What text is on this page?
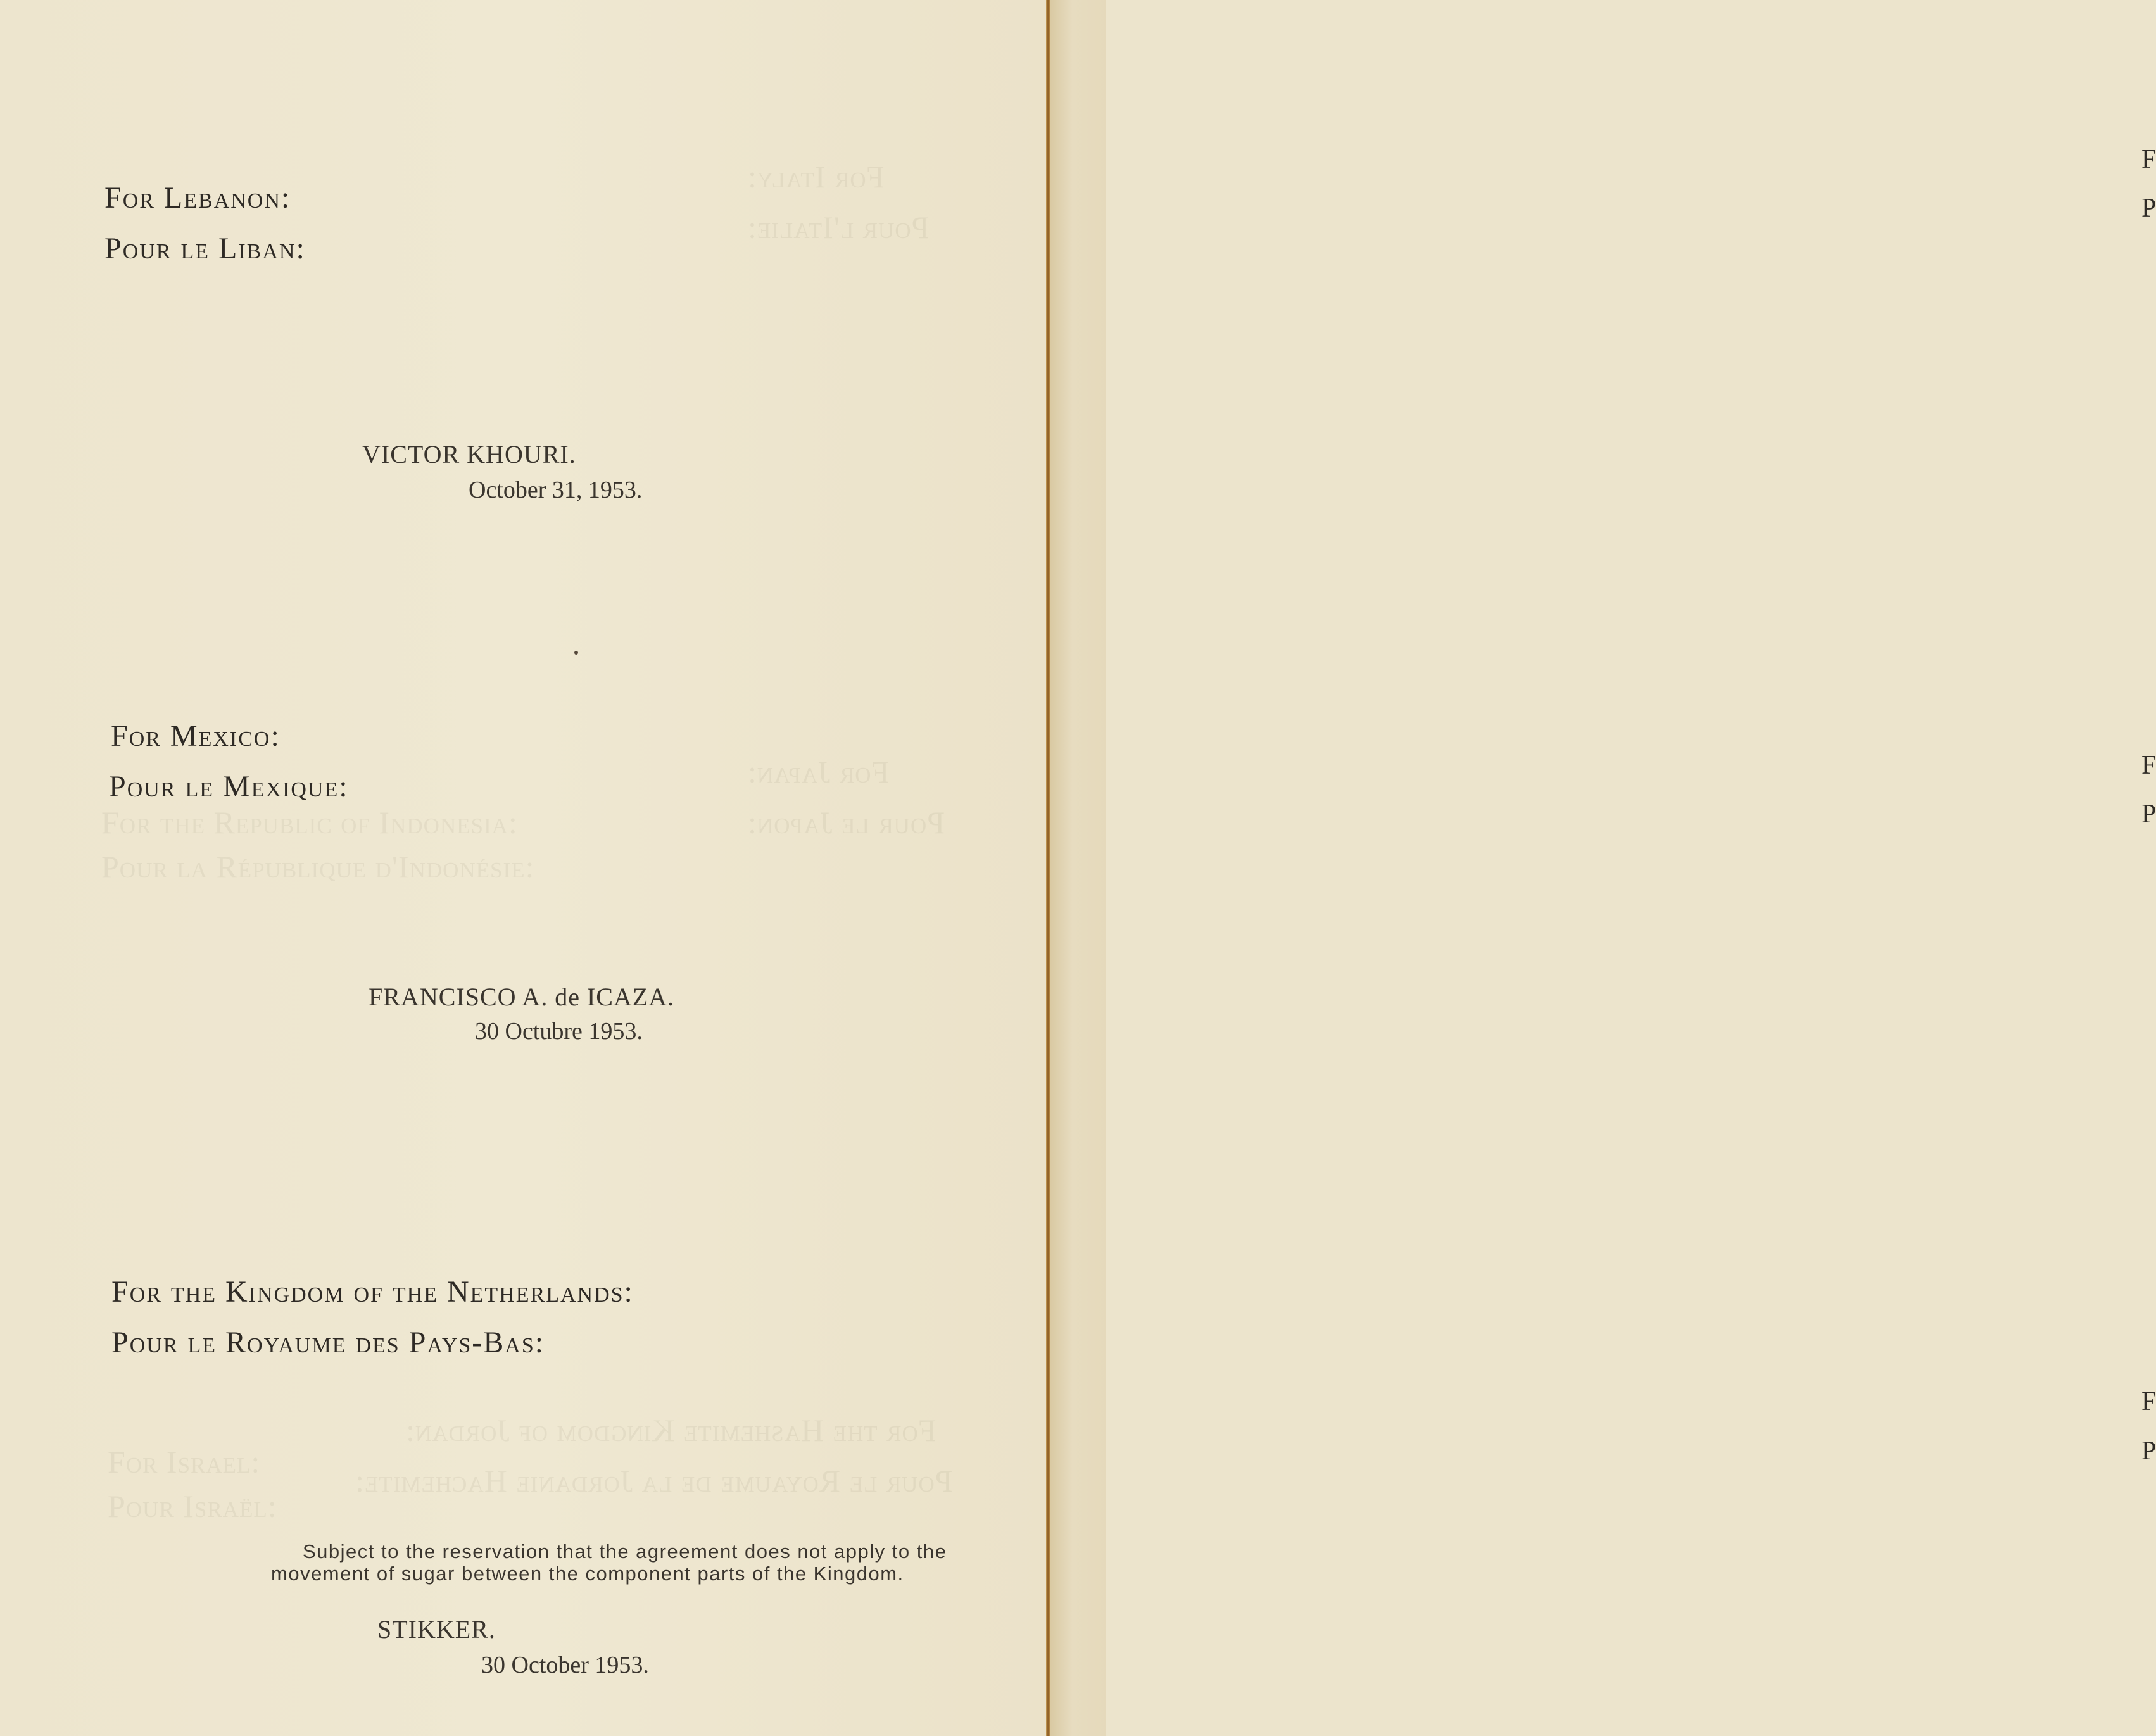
For Italy:
Pour l'Italie:
For Japan:
Pour le Japon:
For the Hashemite Kingdom of Jordan:
Pour le Royaume de la Jordanie Hachemite:
For the Republic of Indonesia:
Pour la République d'Indonésie:
For Israel:
Pour Israël:
For Lebanon:
Pour le Liban:
VICTOR KHOURI.
October 31, 1953.
For Mexico:
Pour le Mexique:
FRANCISCO A. de ICAZA.
30 Octubre 1953.
For the Kingdom of the Netherlands:
Pour le Royaume des Pays-Bas:
Subject to the reservation that the agreement does not apply to the
movement of sugar between the component parts of the Kingdom.
STIKKER.
30 October 1953.
F
P
F
P
F
P
